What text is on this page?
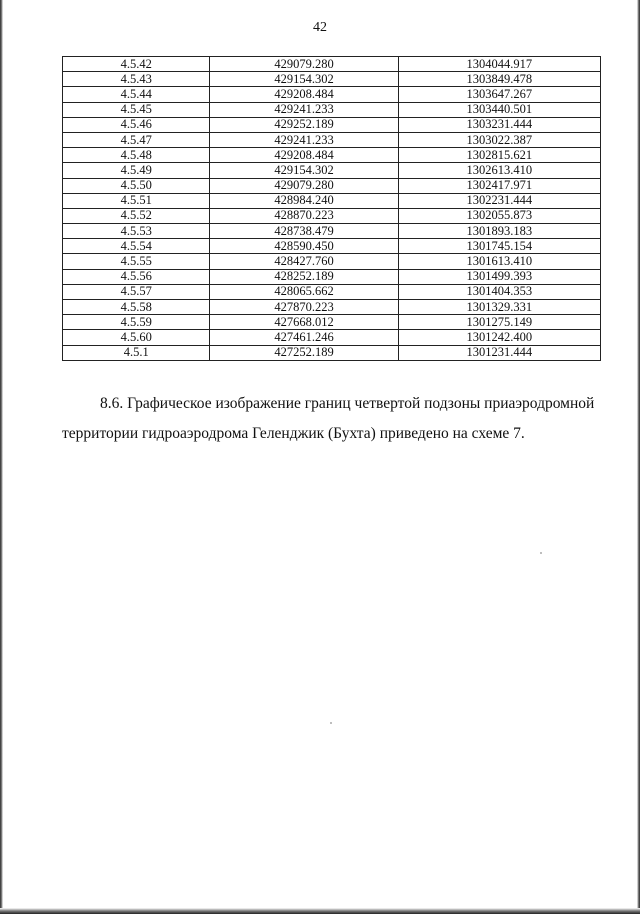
42
4.5.42	429079.280	1304044.917
4.5.43	429154.302	1303849.478
4.5.44	429208.484	1303647.267
4.5.45	429241.233	1303440.501
4.5.46	429252.189	1303231.444
4.5.47	429241.233	1303022.387
4.5.48	429208.484	1302815.621
4.5.49	429154.302	1302613.410
4.5.50	429079.280	1302417.971
4.5.51	428984.240	1302231.444
4.5.52	428870.223	1302055.873
4.5.53	428738.479	1301893.183
4.5.54	428590.450	1301745.154
4.5.55	428427.760	1301613.410
4.5.56	428252.189	1301499.393
4.5.57	428065.662	1301404.353
4.5.58	427870.223	1301329.331
4.5.59	427668.012	1301275.149
4.5.60	427461.246	1301242.400
4.5.1	427252.189	1301231.444
8.6. Графическое изображение границ четвертой подзоны приаэродромной
территории гидроаэродрома Геленджик (Бухта) приведено на схеме 7.
